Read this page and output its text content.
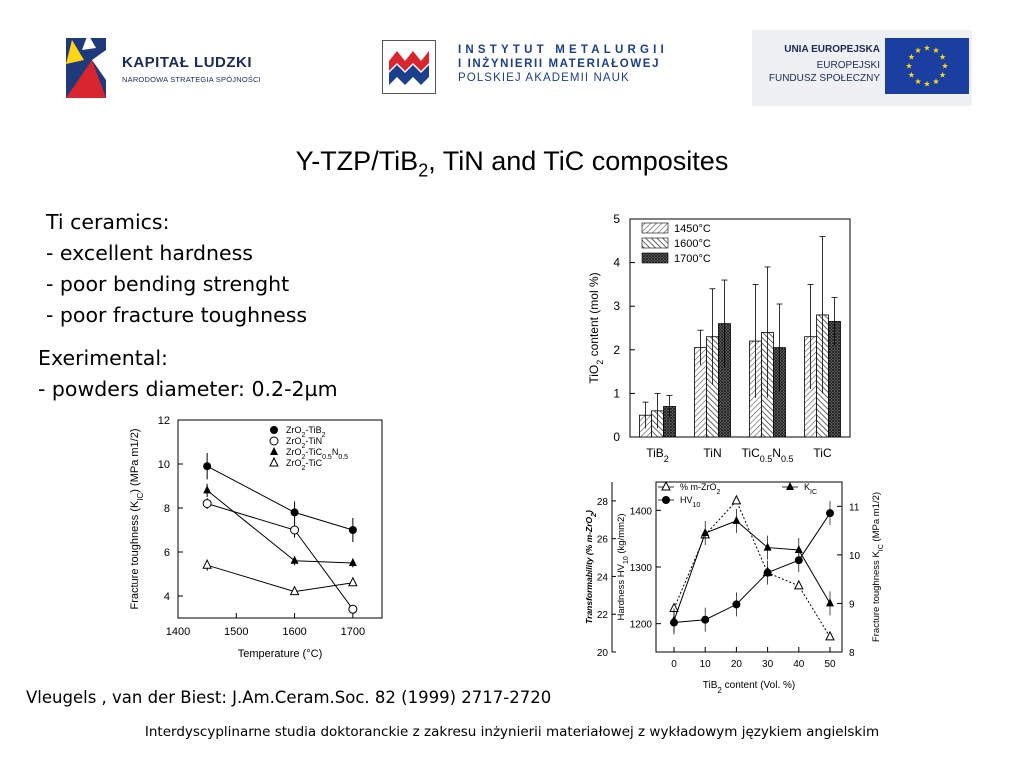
KAPITAŁ LUDZKI
NARODOWA STRATEGIA SPÓJNOŚCI
INSTYTUT METALURGII
I INŻYNIERII MATERIAŁOWEJ
POLSKIEJ AKADEMII NAUK
UNIA EUROPEJSKA
EUROPEJSKI
FUNDUSZ SPOŁECZNY
Y-TZP/TiB$_2$, TiN and TiC composites
Ti ceramics:
- excellent hardness
- poor bending strenght
- poor fracture toughness
Exerimental:
- powders diameter: 0.2-2µm
1400	1500	1600	1700
4
6
8
10
12
Temperature (°C)
Fracture toughness $(K_{IC})$ (MPa m1/2)	ZrO$_2$-TiB$_2$
ZrO$_2$-TiN
$ZrO_2-TiC_{0.5}N_{0.5}$
ZrO$_2$-TiC
0
1
2
3
4
5
TiO$_2$ content (mol %)
TiB$_2$	TiN $TiC_{0.5}N_{0.5}$ TiC
1450°C
1600°C
1700°C
20
22
24
26
28
1200
1300
1400
8
9
10
11
0 10 20 30 40 50
TiB$_2$ content (Vol. %)
Transformability (% m-ZrO$_2$)
Hardness $HV_{10}$ (kg/mm2)
Fracture toughness $K_{IC}$ (MPa m1/2)
% m-ZrO$_2$
$HV_{10}$
$K_{IC}$
Vleugels , van der Biest: J.Am.Ceram.Soc. 82 (1999) 2717-2720
Interdyscyplinarne studia doktoranckie z zakresu inżynierii materiałowej z wykładowym językiem angielskim
